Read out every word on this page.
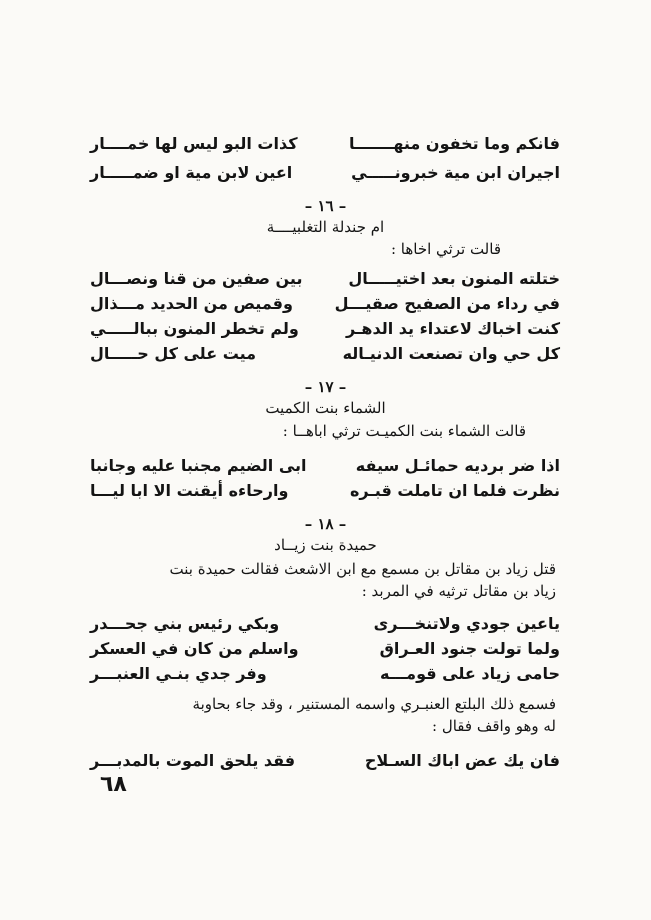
فانكم وما تخفون منهـــــــا
كذات البو ليس لها خمــــار
اجيران ابن مية خبرونـــــي
اعين لابن مية او ضمـــــار
– ١٦ –
ام جندلة التغلبيــــة
قالت ترثي اخاها :
ختلته المنون بعد اختيـــــال
بين صفين من قنا ونصـــال
في رداء من الصفيح صقيـــل
وقميص من الحديد مـــذال
كنت اخباك لاعتداء يد الدهـر
ولم تخطر المنون ببالـــــي
كل حي وان تصنعت الدنيـاله
ميت على كل حـــــال
– ١٧ –
الشماء بنت الكميت
قالت الشماء بنت الكميـت ترثي اباهــا :
اذا ضر برديه حمائـل سيفه
ابى الضيم مجنبا عليه وجانبا
نظرت فلما ان تاملت قبـره
وارحاءه أيقنت الا ابا ليـــا
– ١٨ –
حميدة بنت زيــاد
قتل زياد بن مقاتل بن مسمع مع ابن الاشعث فقالت حميدة بنت
زياد بن مقاتل ترثيه في المربد :
ياعين جودي ولاتنخـــرى
وبكي رئيس بني جحـــدر
ولما تولت جنود العـراق
واسلم من كان في العسكر
حامى زياد على قومـــه
وفر جدي بنـي العنبـــر
فسمع ذلك البلتع العنبـري واسمه المستنير ، وقد جاء بحاوبة
له وهو واقف فقال :
فان يك عض اباك السـلاح
فقد يلحق الموت بالمدبـــر
٦٨
